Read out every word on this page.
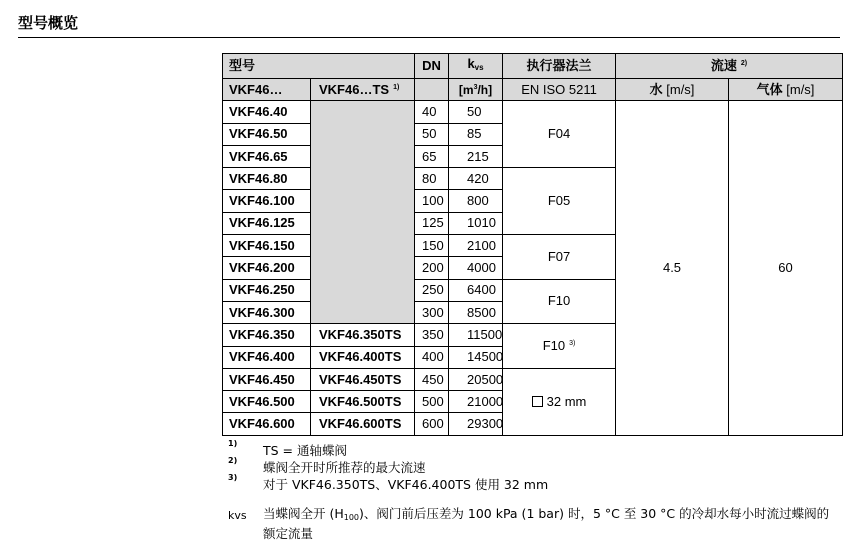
型号概览
型号		DN	kvs	执行器法兰	流速 $^{2)}$
VKF46…	VKF46…TS $^{1)}$		$[m^3/h]$	EN ISO 5211	水 [m/s]	气体 [m/s]
VKF46.40		40	50	F04	4.5	60
VKF46.50		50	85			
VKF46.65		65	215			
VKF46.80		80	420	F05		
VKF46.100		100	800			
VKF46.125		125	1010			
VKF46.150		150	2100	F07		
VKF46.200		200	4000			
VKF46.250		250	6400	F10		
VKF46.300		300	8500			
VKF46.350	VKF46.350TS	350	11500	F10 $^{3)}$
VKF46.400	VKF46.400TS	400	14500			
VKF46.450	VKF46.450TS	450	20500	32 mm		
VKF46.500	VKF46.500TS	500	21000			
VKF46.600	VKF46.600TS	600	29300			
1) TS = 通轴蝶阀
2) 蝶阀全开时所推荐的最大流速
3) 对于 VKF46.350TS、VKF46.400TS 使用 32 mm
kvs 当蝶阀全开 (H100)、阀门前后压差为 100 kPa (1 bar) 时，5 °C 至 30 °C 的冷却水每小时流过蝶阀的额定流量
